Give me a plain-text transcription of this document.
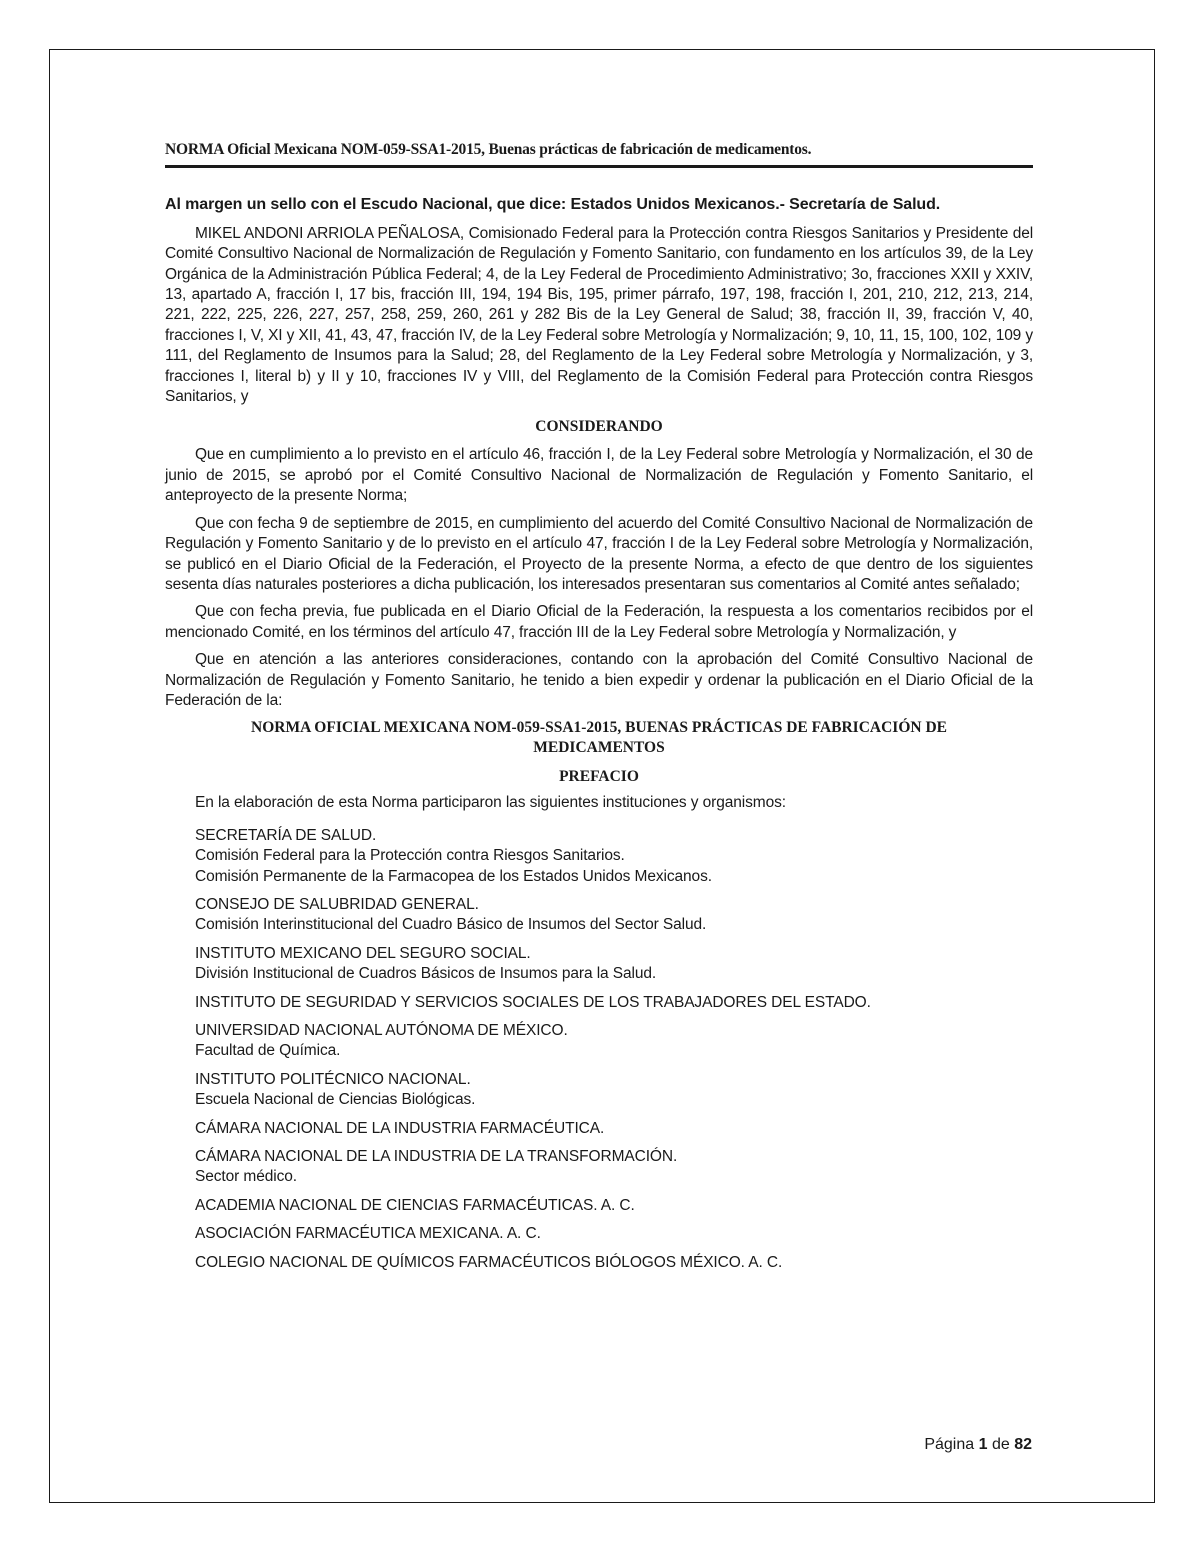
NORMA Oficial Mexicana NOM-059-SSA1-2015, Buenas prácticas de fabricación de medicamentos.

Al margen un sello con el Escudo Nacional, que dice: Estados Unidos Mexicanos.- Secretaría de Salud.

MIKEL ANDONI ARRIOLA PEÑALOSA, Comisionado Federal para la Protección contra Riesgos Sanitarios y Presidente del Comité Consultivo Nacional de Normalización de Regulación y Fomento Sanitario, con fundamento en los artículos 39, de la Ley Orgánica de la Administración Pública Federal; 4, de la Ley Federal de Procedimiento Administrativo; 3o, fracciones XXII y XXIV, 13, apartado A, fracción I, 17 bis, fracción III, 194, 194 Bis, 195, primer párrafo, 197, 198, fracción I, 201, 210, 212, 213, 214, 221, 222, 225, 226, 227, 257, 258, 259, 260, 261 y 282 Bis de la Ley General de Salud; 38, fracción II, 39, fracción V, 40, fracciones I, V, XI y XII, 41, 43, 47, fracción IV, de la Ley Federal sobre Metrología y Normalización; 9, 10, 11, 15, 100, 102, 109 y 111, del Reglamento de Insumos para la Salud; 28, del Reglamento de la Ley Federal sobre Metrología y Normalización, y 3, fracciones I, literal b) y II y 10, fracciones IV y VIII, del Reglamento de la Comisión Federal para Protección contra Riesgos Sanitarios, y

CONSIDERANDO

Que en cumplimiento a lo previsto en el artículo 46, fracción I, de la Ley Federal sobre Metrología y Normalización, el 30 de junio de 2015, se aprobó por el Comité Consultivo Nacional de Normalización de Regulación y Fomento Sanitario, el anteproyecto de la presente Norma;

Que con fecha 9 de septiembre de 2015, en cumplimiento del acuerdo del Comité Consultivo Nacional de Normalización de Regulación y Fomento Sanitario y de lo previsto en el artículo 47, fracción I de la Ley Federal sobre Metrología y Normalización, se publicó en el Diario Oficial de la Federación, el Proyecto de la presente Norma, a efecto de que dentro de los siguientes sesenta días naturales posteriores a dicha publicación, los interesados presentaran sus comentarios al Comité antes señalado;

Que con fecha previa, fue publicada en el Diario Oficial de la Federación, la respuesta a los comentarios recibidos por el mencionado Comité, en los términos del artículo 47, fracción III de la Ley Federal sobre Metrología y Normalización, y

Que en atención a las anteriores consideraciones, contando con la aprobación del Comité Consultivo Nacional de Normalización de Regulación y Fomento Sanitario, he tenido a bien expedir y ordenar la publicación en el Diario Oficial de la Federación de la:

NORMA OFICIAL MEXICANA NOM-059-SSA1-2015, BUENAS PRÁCTICAS DE FABRICACIÓN DE
MEDICAMENTOS

PREFACIO

En la elaboración de esta Norma participaron las siguientes instituciones y organismos:

SECRETARÍA DE SALUD.
Comisión Federal para la Protección contra Riesgos Sanitarios.
Comisión Permanente de la Farmacopea de los Estados Unidos Mexicanos.

CONSEJO DE SALUBRIDAD GENERAL.
Comisión Interinstitucional del Cuadro Básico de Insumos del Sector Salud.

INSTITUTO MEXICANO DEL SEGURO SOCIAL.
División Institucional de Cuadros Básicos de Insumos para la Salud.

INSTITUTO DE SEGURIDAD Y SERVICIOS SOCIALES DE LOS TRABAJADORES DEL ESTADO.

UNIVERSIDAD NACIONAL AUTÓNOMA DE MÉXICO.
Facultad de Química.

INSTITUTO POLITÉCNICO NACIONAL.
Escuela Nacional de Ciencias Biológicas.

CÁMARA NACIONAL DE LA INDUSTRIA FARMACÉUTICA.

CÁMARA NACIONAL DE LA INDUSTRIA DE LA TRANSFORMACIÓN.
Sector médico.

ACADEMIA NACIONAL DE CIENCIAS FARMACÉUTICAS. A. C.

ASOCIACIÓN FARMACÉUTICA MEXICANA. A. C.

COLEGIO NACIONAL DE QUÍMICOS FARMACÉUTICOS BIÓLOGOS MÉXICO. A. C.

Página 1 de 82
